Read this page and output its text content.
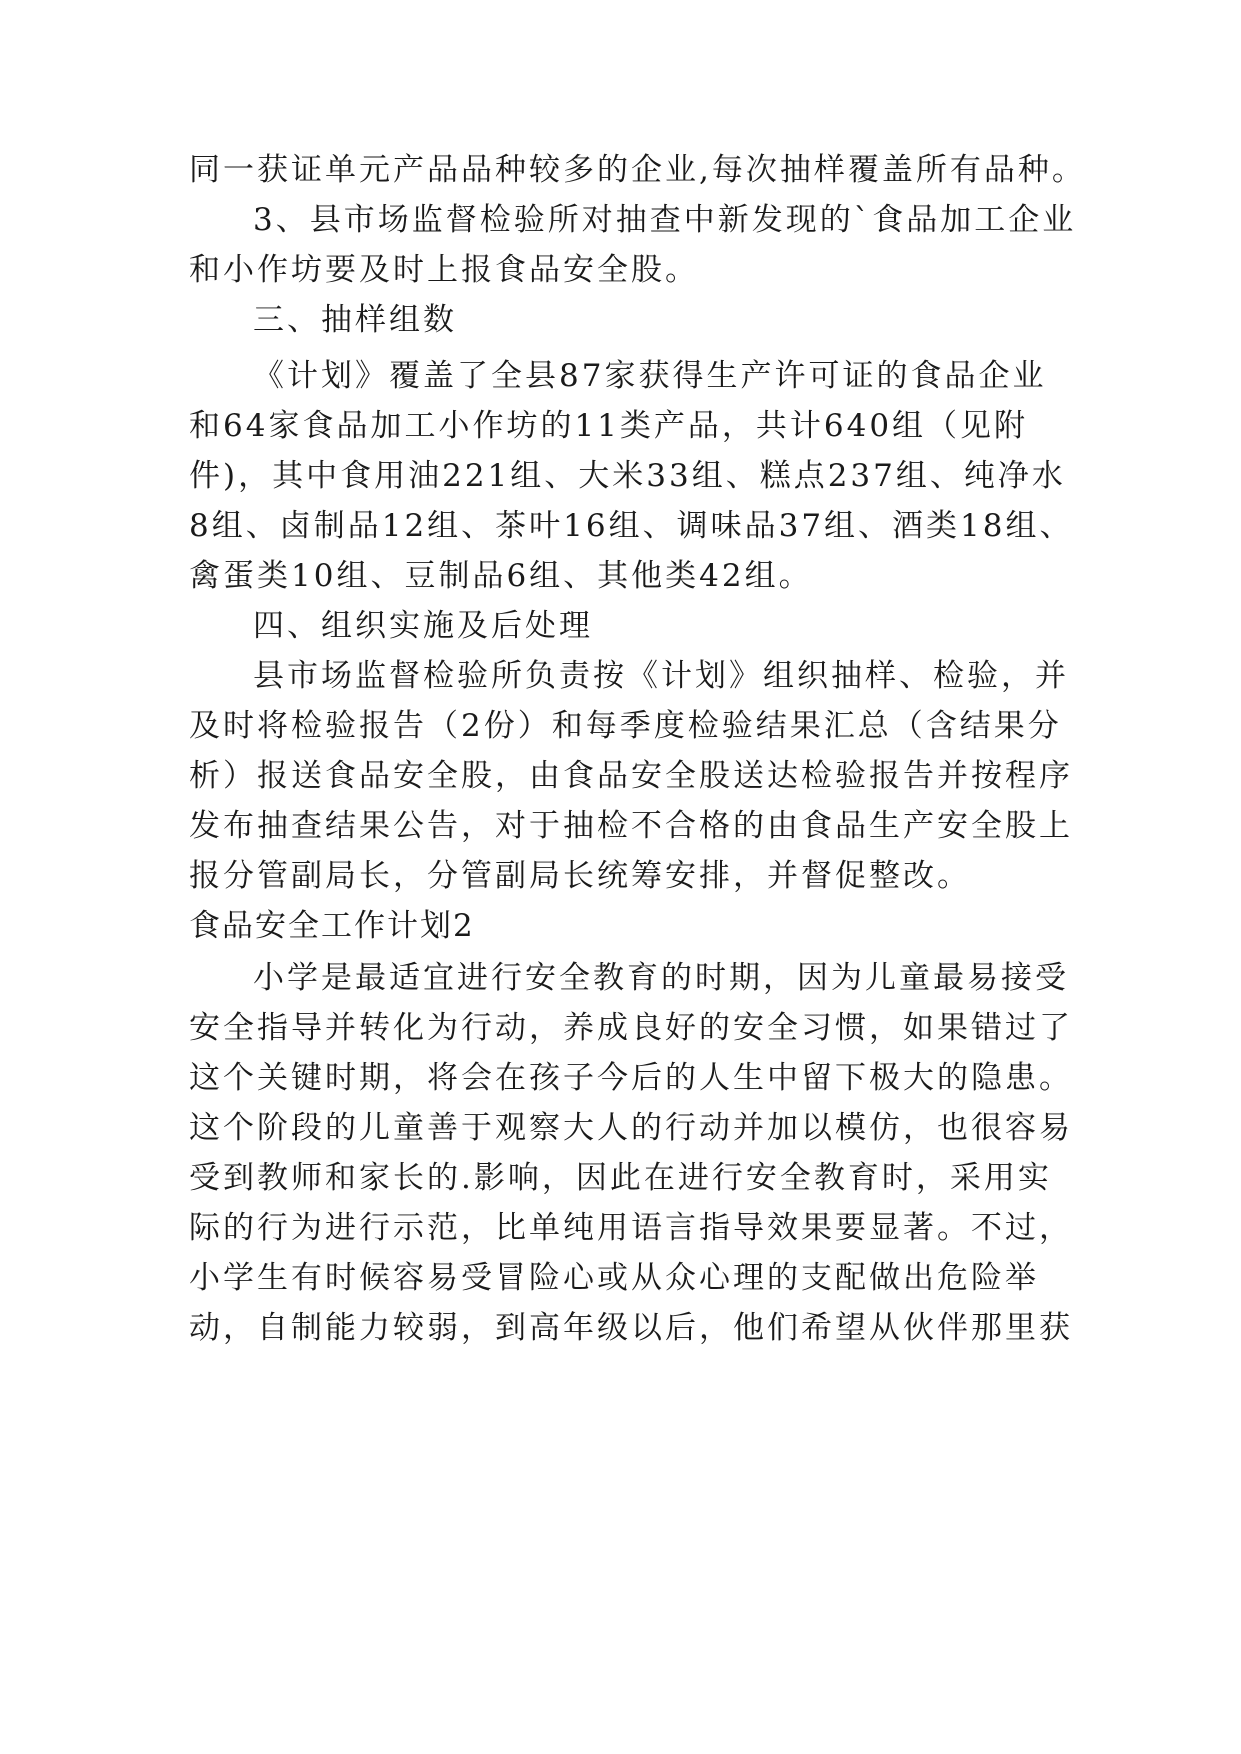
同一获证单元产品品种较多的企业,每次抽样覆盖所有品种。
3、县市场监督检验所对抽查中新发现的`食品加工企业
和小作坊要及时上报食品安全股。
三、抽样组数
《计划》覆盖了全县87家获得生产许可证的食品企业
和64家食品加工小作坊的11类产品，共计640组（见附
件)，其中食用油221组、大米33组、糕点237组、纯净水
8组、卤制品12组、茶叶16组、调味品37组、酒类18组、
禽蛋类10组、豆制品6组、其他类42组。
四、组织实施及后处理
县市场监督检验所负责按《计划》组织抽样、检验，并
及时将检验报告（2份）和每季度检验结果汇总（含结果分
析）报送食品安全股，由食品安全股送达检验报告并按程序
发布抽查结果公告，对于抽检不合格的由食品生产安全股上
报分管副局长，分管副局长统筹安排，并督促整改。
食品安全工作计划2
小学是最适宜进行安全教育的时期，因为儿童最易接受
安全指导并转化为行动，养成良好的安全习惯，如果错过了
这个关键时期，将会在孩子今后的人生中留下极大的隐患。
这个阶段的儿童善于观察大人的行动并加以模仿，也很容易
受到教师和家长的.影响，因此在进行安全教育时，采用实
际的行为进行示范，比单纯用语言指导效果要显著。不过，
小学生有时候容易受冒险心或从众心理的支配做出危险举
动，自制能力较弱，到高年级以后，他们希望从伙伴那里获
